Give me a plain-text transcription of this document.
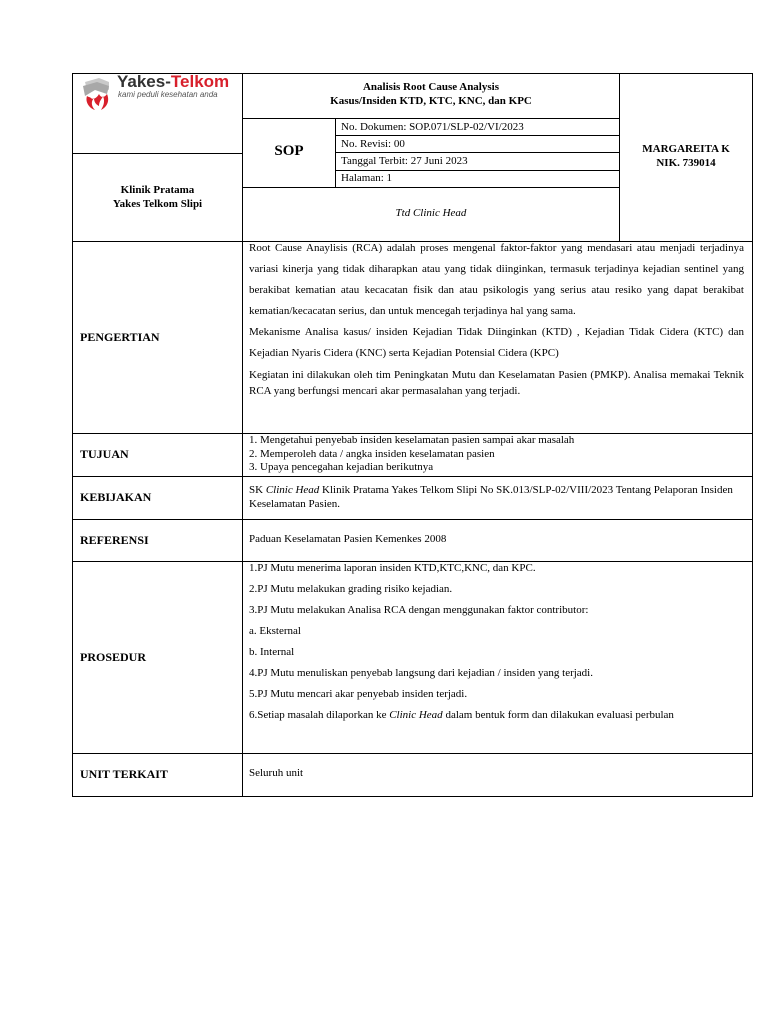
Yakes-Telkom
kami peduli kesehatan anda
Analisis Root Cause Analysis
Kasus/Insiden KTD, KTC, KNC, dan KPC
SOP
No. Dokumen: SOP.071/SLP-02/VI/2023
No. Revisi: 00
Tanggal Terbit: 27 Juni 2023
Halaman: 1
Klinik Pratama
Yakes Telkom Slipi
Ttd Clinic Head
MARGAREITA K
NIK. 739014
PENGERTIAN

Root Cause Anaylisis (RCA) adalah proses mengenal faktor-faktor yang mendasari atau menjadi terjadinya variasi kinerja yang tidak diharapkan atau yang tidak diinginkan, termasuk terjadinya kejadian sentinel yang berakibat kematian atau kecacatan fisik dan atau psikologis yang serius atau resiko yang dapat berakibat kematian/kecacatan serius, dan untuk mencegah terjadinya hal yang sama.

Mekanisme Analisa kasus/ insiden Kejadian Tidak Diinginkan (KTD) , Kejadian Tidak Cidera (KTC) dan Kejadian Nyaris Cidera (KNC) serta Kejadian Potensial Cidera (KPC)

Kegiatan ini dilakukan oleh tim Peningkatan Mutu dan Keselamatan Pasien (PMKP). Analisa memakai Teknik RCA yang berfungsi mencari akar permasalahan yang terjadi.

TUJUAN
1. Mengetahui penyebab insiden keselamatan pasien sampai akar masalah
2. Memperoleh data / angka insiden keselamatan pasien
3. Upaya pencegahan kejadian berikutnya
KEBIJAKAN	SK Clinic Head Klinik Pratama Yakes Telkom Slipi No SK.013/SLP-02/VIII/2023 Tentang Pelaporan Insiden Keselamatan Pasien.
REFERENSI	Paduan Keselamatan Pasien Kemenkes 2008
PROSEDUR
1.PJ Mutu menerima laporan insiden KTD,KTC,KNC, dan KPC.
2.PJ Mutu melakukan grading risiko kejadian.
3.PJ Mutu melakukan Analisa RCA dengan menggunakan faktor contributor:
a. Eksternal
b. Internal
4.PJ Mutu menuliskan penyebab langsung dari kejadian / insiden yang terjadi.
5.PJ Mutu mencari akar penyebab insiden terjadi.
6.Setiap masalah dilaporkan ke Clinic Head dalam bentuk form dan dilakukan evaluasi perbulan
UNIT TERKAIT	Seluruh unit
